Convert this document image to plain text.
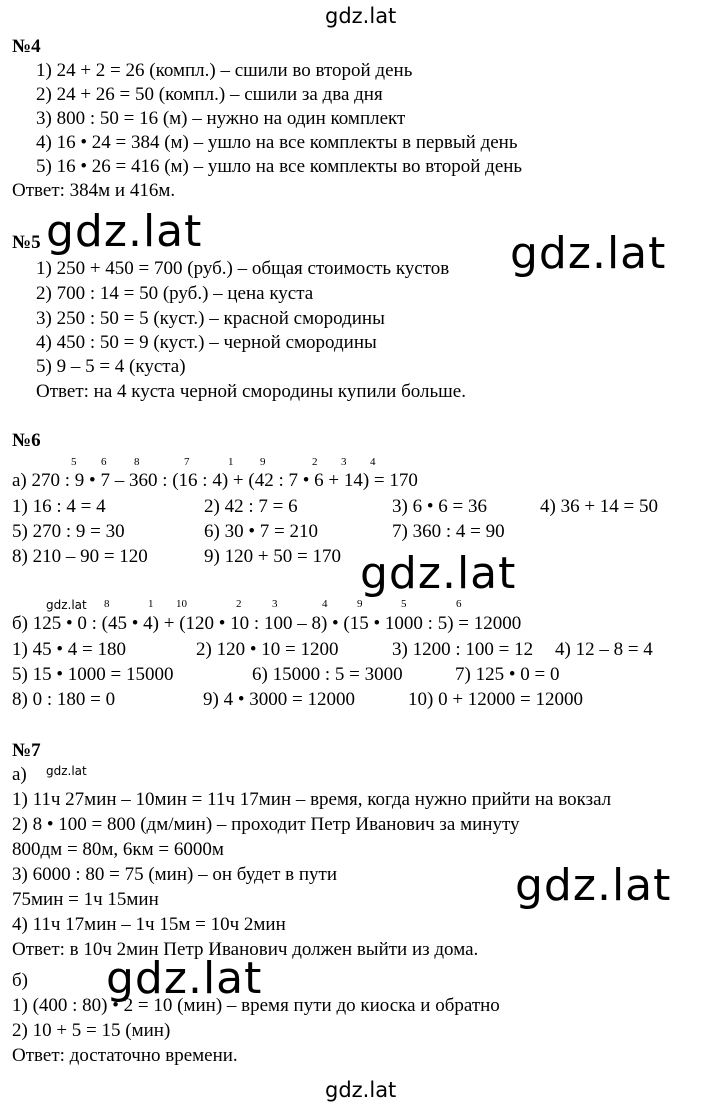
gdz.lat
№4
1) 24 + 2 = 26 (компл.) – сшили во второй день
2) 24 + 26 = 50 (компл.) – сшили за два дня
3) 800 : 50 = 16 (м) – нужно на один комплект
4) 16 • 24 = 384 (м) – ушло на все комплекты в первый день
5) 16 • 26 = 416 (м) – ушло на все комплекты во второй день
Ответ: 384м и 416м.
№5
1) 250 + 450 = 700 (руб.) – общая стоимость кустов
2) 700 : 14 = 50 (руб.) – цена куста
3) 250 : 50 = 5 (куст.) – красной смородины
4) 450 : 50 = 9 (куст.) – черной смородины
5) 9 – 5 = 4 (куста)
Ответ: на 4 куста черной смородины купили больше.
gdz.lat	gdz.lat
№6
5 6	8	7	1 9	2 3 4
а) 270 : 9 • 7 – 360 : (16 : 4) + (42 : 7 • 6 + 14) = 170
1) 16 : 4 = 4	2) 42 : 7 = 6	3) 6 • 6 = 36	4) 36 + 14 = 50
5) 270 : 9 = 30	6) 30 • 7 = 210	7) 360 : 4 = 90
8) 210 – 90 = 120	9) 120 + 50 = 170 gdz.lat
gdz.lat 8	1 10	2	3	4	9	5	6
б) 125 • 0 : (45 • 4) + (120 • 10 : 100 – 8) • (15 • 1000 : 5) = 12000
1) 45 • 4 = 180	2) 120 • 10 = 1200	3) 1200 : 100 = 12 4) 12 – 8 = 4
5) 15 • 1000 = 15000	6) 15000 : 5 = 3000	7) 125 • 0 = 0
8) 0 : 180 = 0	9) 4 • 3000 = 12000	10) 0 + 12000 = 12000
№7
а) gdz.lat
1) 11ч 27мин – 10мин = 11ч 17мин – время, когда нужно прийти на вокзал
2) 8 • 100 = 800 (дм/мин) – проходит Петр Иванович за минуту
800дм = 80м, 6км = 6000м
3) 6000 : 80 = 75 (мин) – он будет в пути
75мин = 1ч 15мин
4) 11ч 17мин – 1ч 15м = 10ч 2мин
Ответ: в 10ч 2мин Петр Иванович должен выйти из дома.
gdz.lat
б)
1) (400 : 80) • 2 = 10 (мин) – время пути до киоска и обратно
2) 10 + 5 = 15 (мин)
Ответ: достаточно времени.
gdz.lat
gdz.lat
